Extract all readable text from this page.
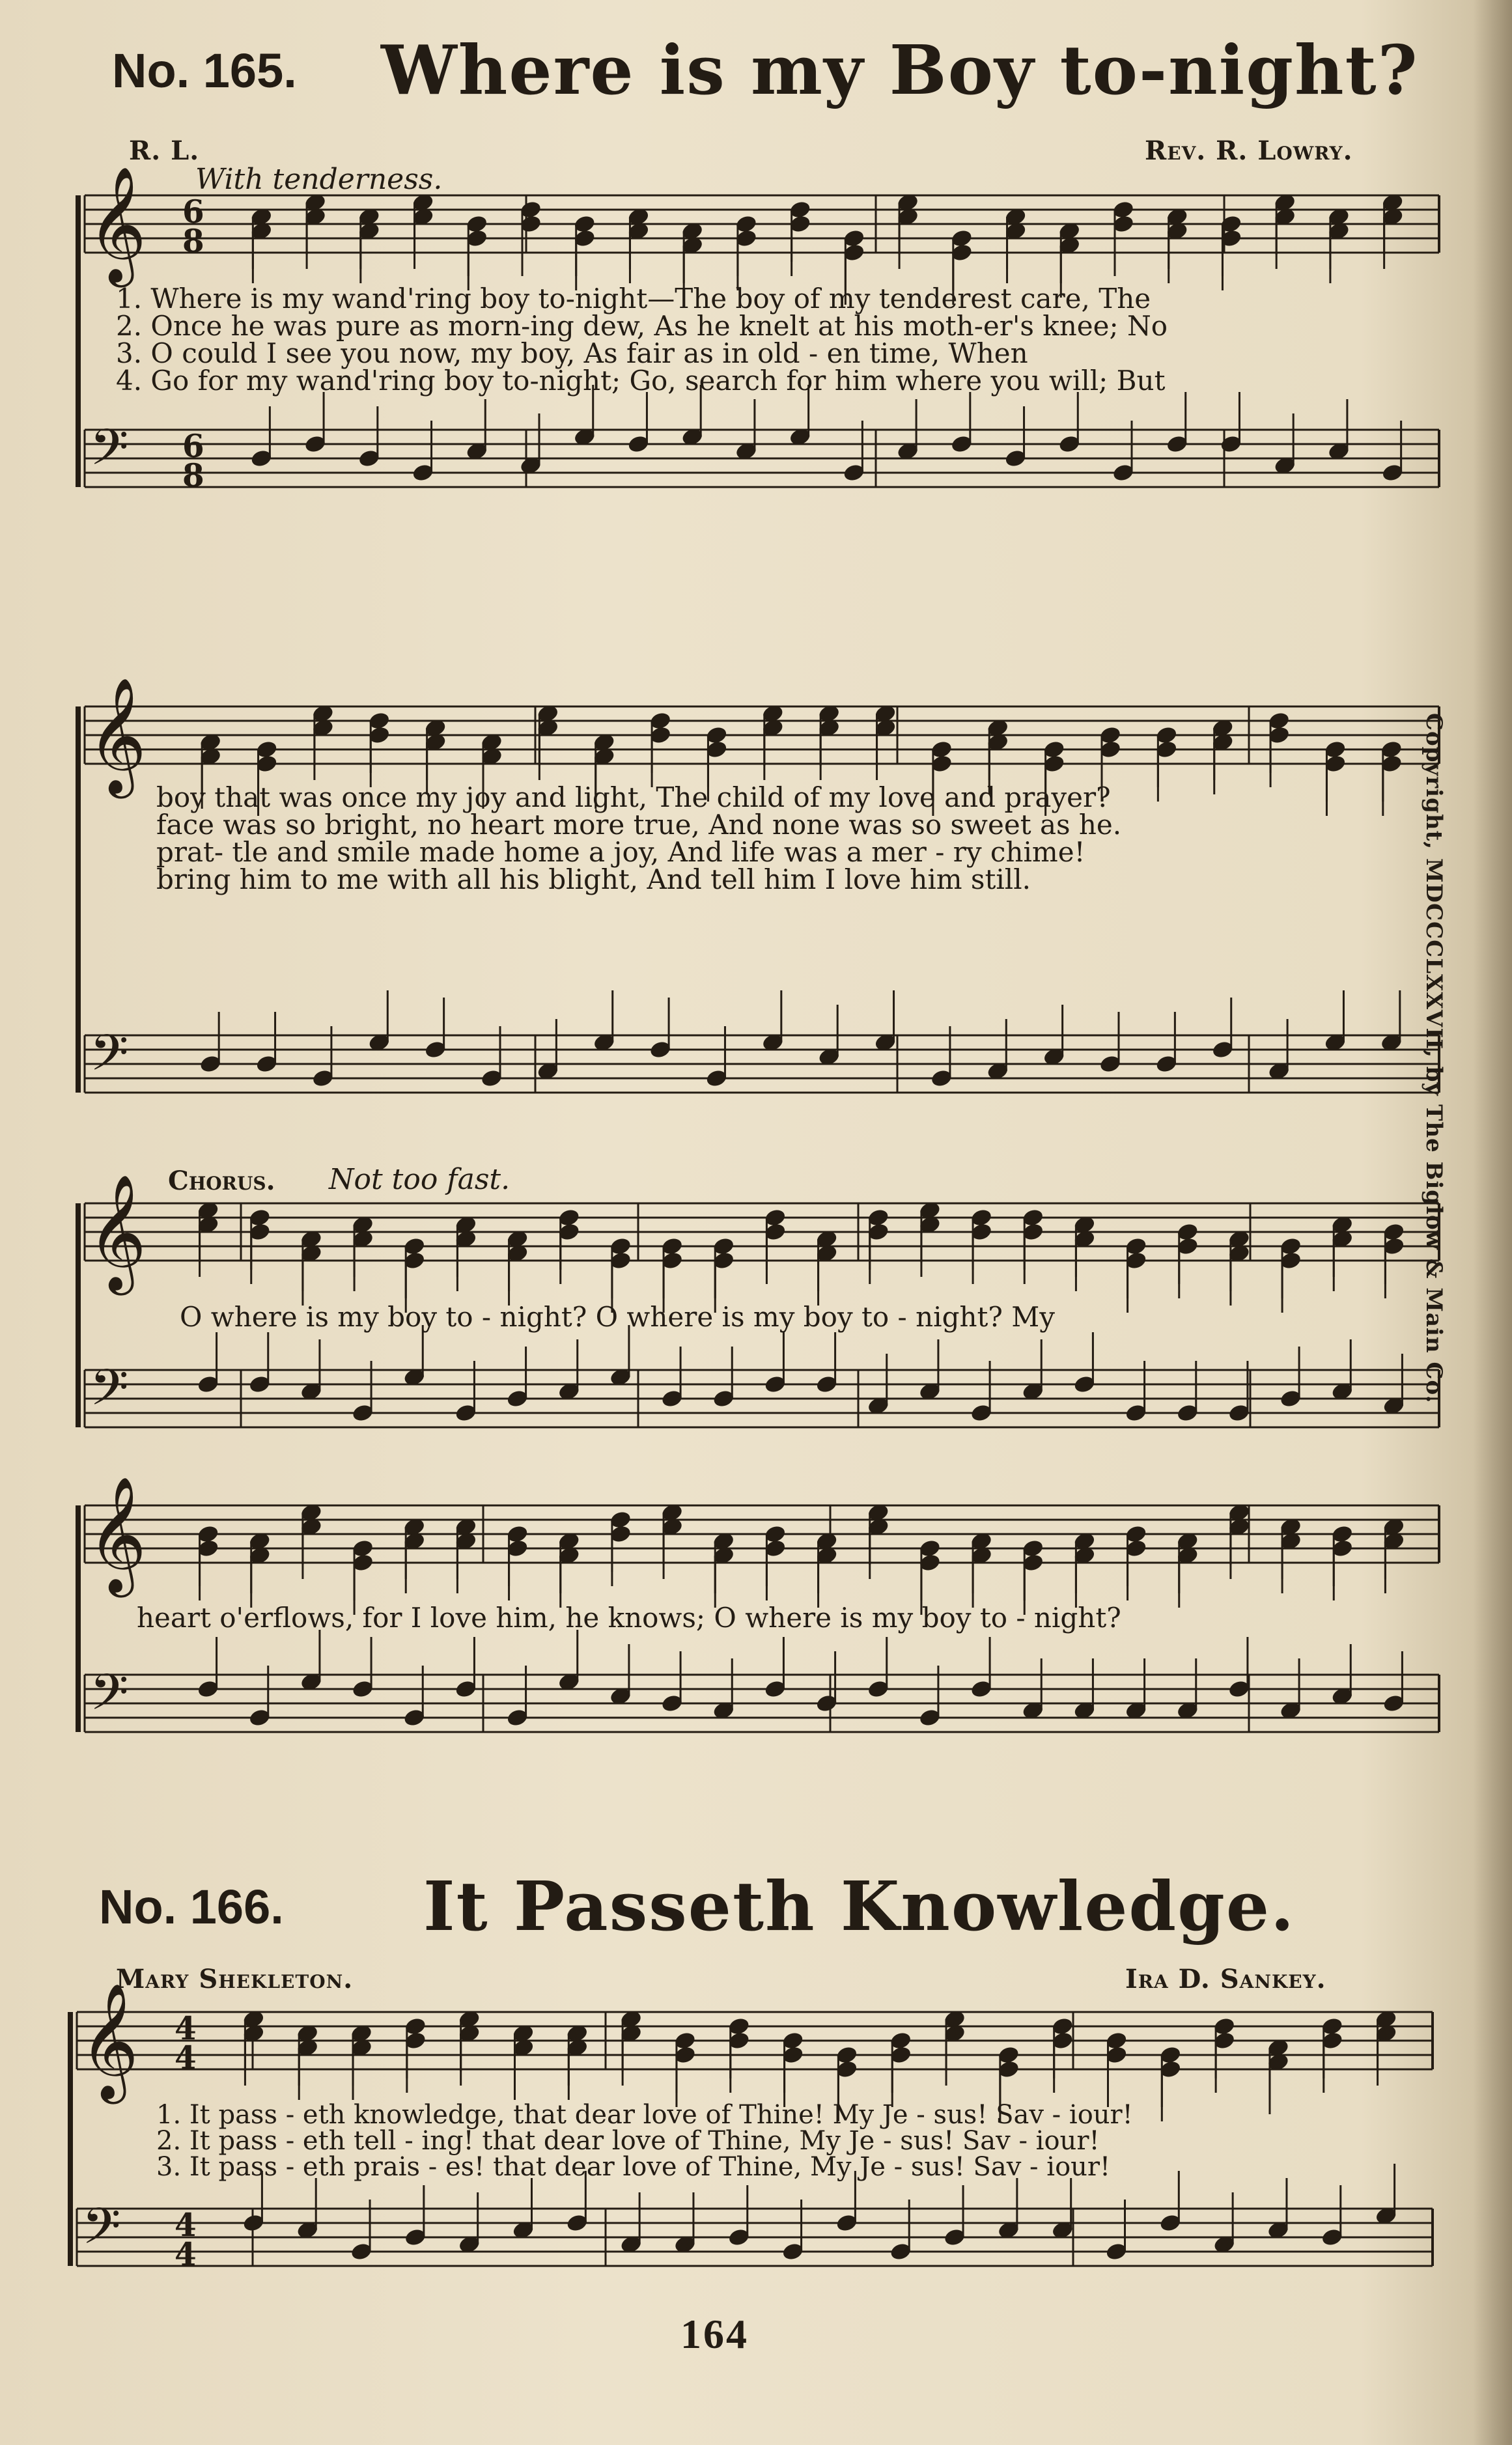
𝄞
𝄢
6
8
6
8
𝄞
𝄢
𝄞
𝄢
𝄞
𝄢
𝄞
𝄢
4
4
4
4
No. 165. Where is my Boy to-night?
R. L.	Rev. R. Lowry.
With tenderness.
1. Where is my wand'ring boy to-night—The boy of my tenderest care, The
2. Once he was pure as morn-ing dew, As he knelt at his moth-er's knee; No
3. O could I see you now, my boy, As fair as in old - en time, When
4. Go for my wand'ring boy to-night; Go, search for him where you will; But
boy that was once my joy and light, The child of my love and prayer?
face was so bright, no heart more true, And none was so sweet as he.
prat- tle and smile made home a joy, And life was a mer - ry chime!
bring him to me with all his blight, And tell him I love him still.
Chorus. Not too fast.
O where is my boy to - night? O where is my boy to - night? My
heart o'erflows, for I love him, he knows; O where is my boy to - night?
Copyright, MDCCCLXXVII, by The Biglow & Main Co.
No. 166. It Passeth Knowledge.
Mary Shekleton.	Ira D. Sankey.
1. It pass - eth knowledge, that dear love of Thine! My Je - sus! Sav - iour!
2. It pass - eth tell - ing! that dear love of Thine, My Je - sus! Sav - iour!
3. It pass - eth prais - es! that dear love of Thine, My Je - sus! Sav - iour!
164
